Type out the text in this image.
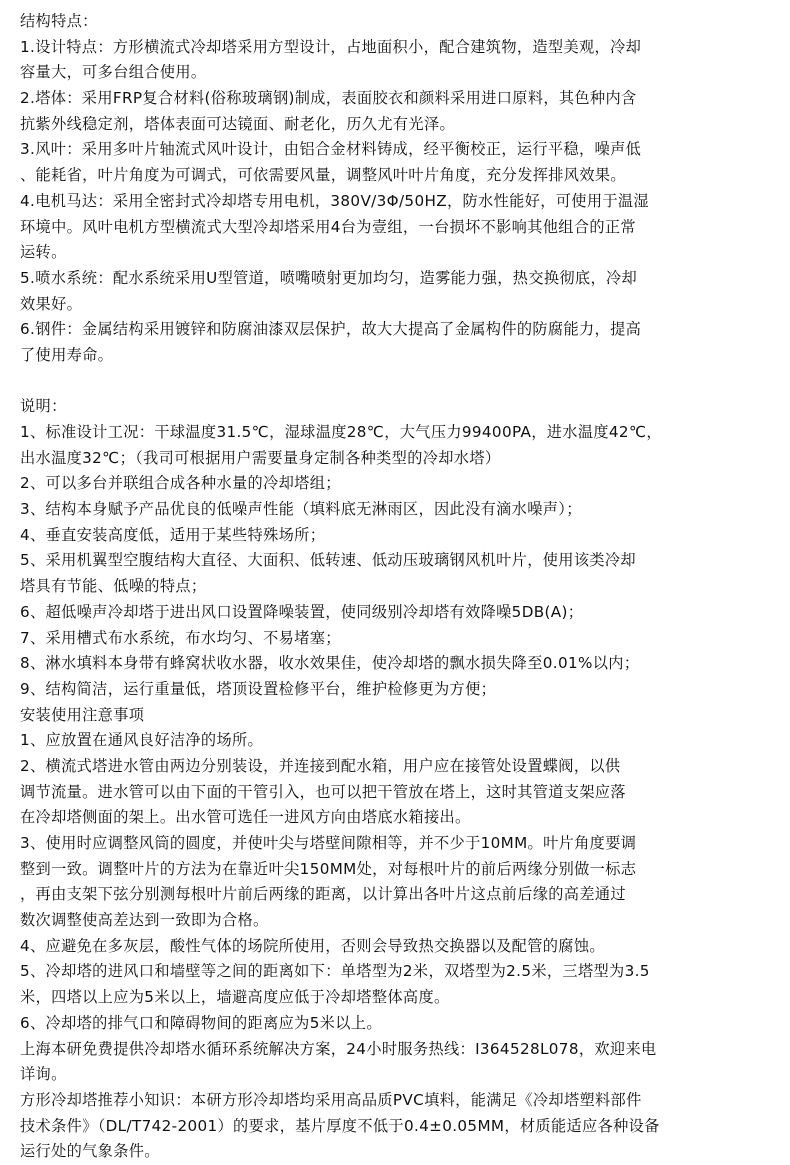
结构特点：
1.设计特点：方形横流式冷却塔采用方型设计，占地面积小，配合建筑物，造型美观，冷却
容量大，可多台组合使用。
2.塔体：采用FRP复合材料(俗称玻璃钢)制成，表面胶衣和颜料采用进口原料，其色种内含
抗紫外线稳定剂，塔体表面可达镜面、耐老化，历久尤有光泽。
3.风叶：采用多叶片轴流式风叶设计，由铝合金材料铸成，经平衡校正，运行平稳，噪声低
、能耗省，叶片角度为可调式，可依需要风量，调整风叶叶片角度，充分发挥排风效果。
4.电机马达：采用全密封式冷却塔专用电机，380V/3Φ/50HZ，防水性能好，可使用于温湿
环境中。风叶电机方型横流式大型冷却塔采用4台为壹组，一台损坏不影响其他组合的正常
运转。
5.喷水系统：配水系统采用U型管道，喷嘴喷射更加均匀，造雾能力强，热交换彻底，冷却
效果好。
6.钢件：金属结构采用镀锌和防腐油漆双层保护，故大大提高了金属构件的防腐能力，提高
了使用寿命。
说明：
1、标准设计工况：干球温度31.5℃，湿球温度28℃，大气压力99400PA，进水温度42℃，
出水温度32℃；（我司可根据用户需要量身定制各种类型的冷却水塔）
2、可以多台并联组合成各种水量的冷却塔组；
3、结构本身赋予产品优良的低噪声性能（填料底无淋雨区，因此没有滴水噪声）；
4、垂直安装高度低，适用于某些特殊场所；
5、采用机翼型空腹结构大直径、大面积、低转速、低动压玻璃钢风机叶片，使用该类冷却
塔具有节能、低噪的特点；
6、超低噪声冷却塔于进出风口设置降噪装置，使同级别冷却塔有效降噪5DB(A)；
7、采用槽式布水系统，布水均匀、不易堵塞；
8、淋水填料本身带有蜂窝状收水器，收水效果佳，使冷却塔的飘水损失降至0.01%以内；
9、结构简洁，运行重量低，塔顶设置检修平台，维护检修更为方便；
安装使用注意事项
1、应放置在通风良好洁净的场所。
2、横流式塔进水管由两边分别装设，并连接到配水箱，用户应在接管处设置蝶阀，以供
调节流量。进水管可以由下面的干管引入，也可以把干管放在塔上，这时其管道支架应落
在冷却塔侧面的架上。出水管可选任一进风方向由塔底水箱接出。
3、使用时应调整风筒的圆度，并使叶尖与塔壁间隙相等，并不少于10MM。叶片角度要调
整到一致。调整叶片的方法为在靠近叶尖150MM处，对每根叶片的前后两缘分别做一标志
，再由支架下弦分别测每根叶片前后两缘的距离，以计算出各叶片这点前后缘的高差通过
数次调整使高差达到一致即为合格。
4、应避免在多灰层，酸性气体的场院所使用，否则会导致热交换器以及配管的腐蚀。
5、冷却塔的进风口和墙壁等之间的距离如下：单塔型为2米，双塔型为2.5米，三塔型为3.5
米，四塔以上应为5米以上，墙避高度应低于冷却塔整体高度。
6、冷却塔的排气口和障碍物间的距离应为5米以上。
上海本研免费提供冷却塔水循环系统解决方案，24小时服务热线：I364528L078，欢迎来电
详询。
方形冷却塔推荐小知识：本研方形冷却塔均采用高品质PVC填料，能满足《冷却塔塑料部件
技术条件》（DL/T742-2001）的要求，基片厚度不低于0.4±0.05MM，材质能适应各种设备
运行处的气象条件。
